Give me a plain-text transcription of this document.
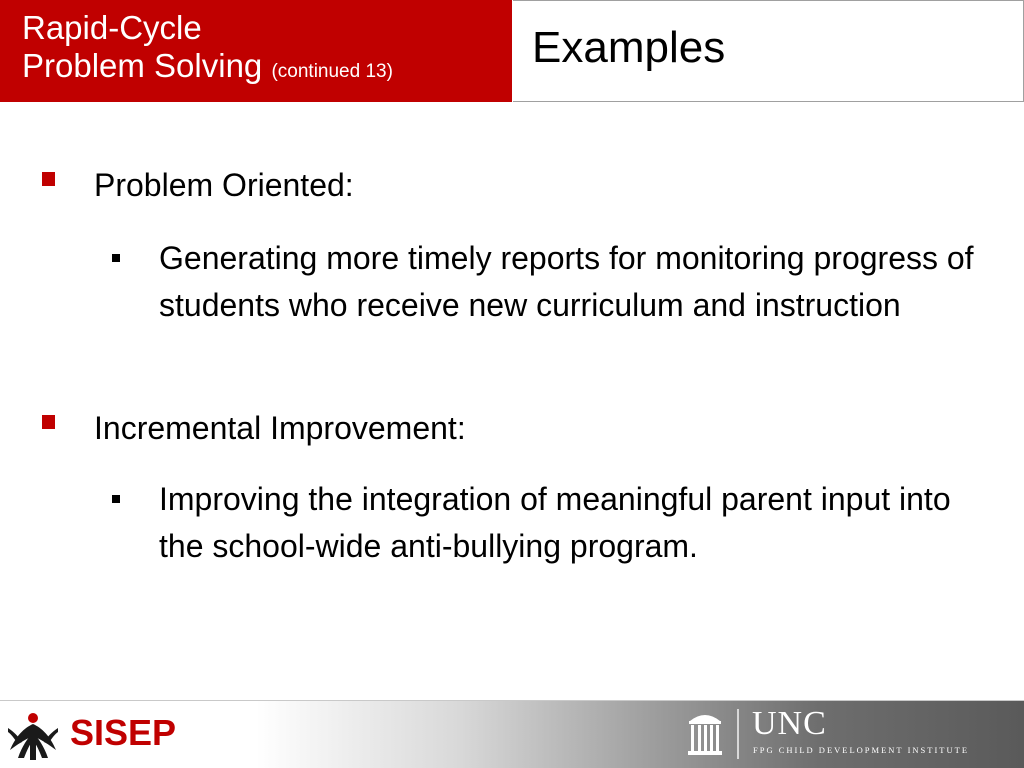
Rapid-Cycle
Problem Solving (continued 13)	Examples
Problem Oriented:
Generating more timely reports for monitoring progress of students who receive new curriculum and instruction
Incremental Improvement:
Improving the integration of meaningful parent input into the school-wide anti-bullying program.
SISEP	UNC
FPG CHILD DEVELOPMENT INSTITUTE
